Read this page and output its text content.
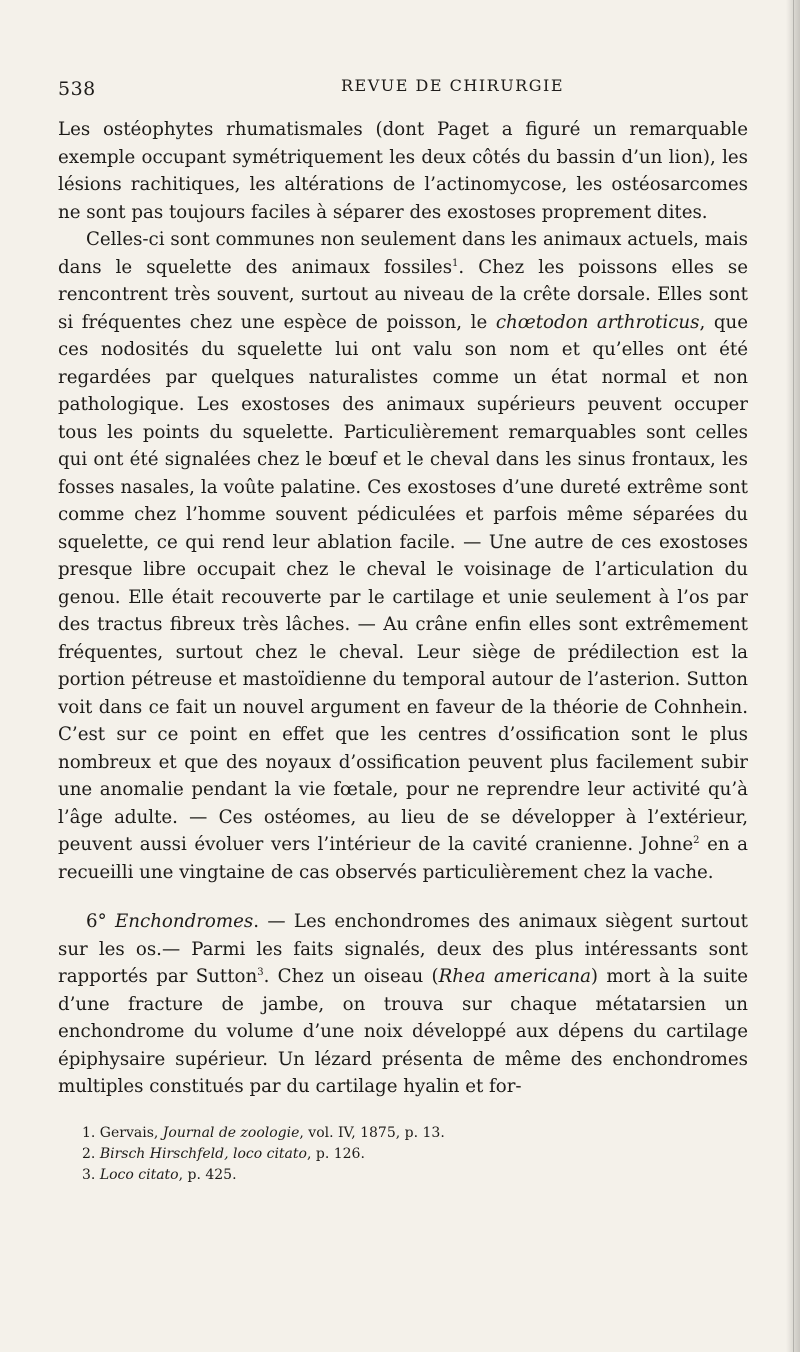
538	REVUE DE CHIRURGIE

Les ostéophytes rhumatismales (dont Paget a figuré un remarquable exemple occupant symétriquement les deux côtés du bassin d’un lion), les lésions rachitiques, les altérations de l’actinomycose, les ostéosarcomes ne sont pas toujours faciles à séparer des exostoses proprement dites.

Celles-ci sont communes non seulement dans les animaux actuels, mais dans le squelette des animaux fossiles$^1$. Chez les poissons elles se rencontrent très souvent, surtout au niveau de la crête dorsale. Elles sont si fréquentes chez une espèce de poisson, le chœtodon arthroticus, que ces nodosités du squelette lui ont valu son nom et qu’elles ont été regardées par quelques naturalistes comme un état normal et non pathologique. Les exostoses des animaux supérieurs peuvent occuper tous les points du squelette. Particulièrement remarquables sont celles qui ont été signalées chez le bœuf et le cheval dans les sinus frontaux, les fosses nasales, la voûte palatine. Ces exostoses d’une dureté extrême sont comme chez l’homme souvent pédiculées et parfois même séparées du squelette, ce qui rend leur ablation facile. — Une autre de ces exostoses presque libre occupait chez le cheval le voisinage de l’articulation du genou. Elle était recouverte par le cartilage et unie seulement à l’os par des tractus fibreux très lâches. — Au crâne enfin elles sont extrêmement fréquentes, surtout chez le cheval. Leur siège de prédilection est la portion pétreuse et mastoïdienne du temporal autour de l’asterion. Sutton voit dans ce fait un nouvel argument en faveur de la théorie de Cohnhein. C’est sur ce point en effet que les centres d’ossification sont le plus nombreux et que des noyaux d’ossification peuvent plus facilement subir une anomalie pendant la vie fœtale, pour ne reprendre leur activité qu’à l’âge adulte. — Ces ostéomes, au lieu de se développer à l’extérieur, peuvent aussi évoluer vers l’intérieur de la cavité cranienne. Johne$^2$ en a recueilli une vingtaine de cas observés particulièrement chez la vache.

6° Enchondromes. — Les enchondromes des animaux siègent surtout sur les os.— Parmi les faits signalés, deux des plus intéressants sont rapportés par Sutton$^3$. Chez un oiseau (Rhea americana) mort à la suite d’une fracture de jambe, on trouva sur chaque métatarsien un enchondrome du volume d’une noix développé aux dépens du cartilage épiphysaire supérieur. Un lézard présenta de même des enchondromes multiples constitués par du cartilage hyalin et for-

1. Gervais, Journal de zoologie, vol. IV, 1875, p. 13.

2. Birsch Hirschfeld, loco citato, p. 126.

3. Loco citato, p. 425.
